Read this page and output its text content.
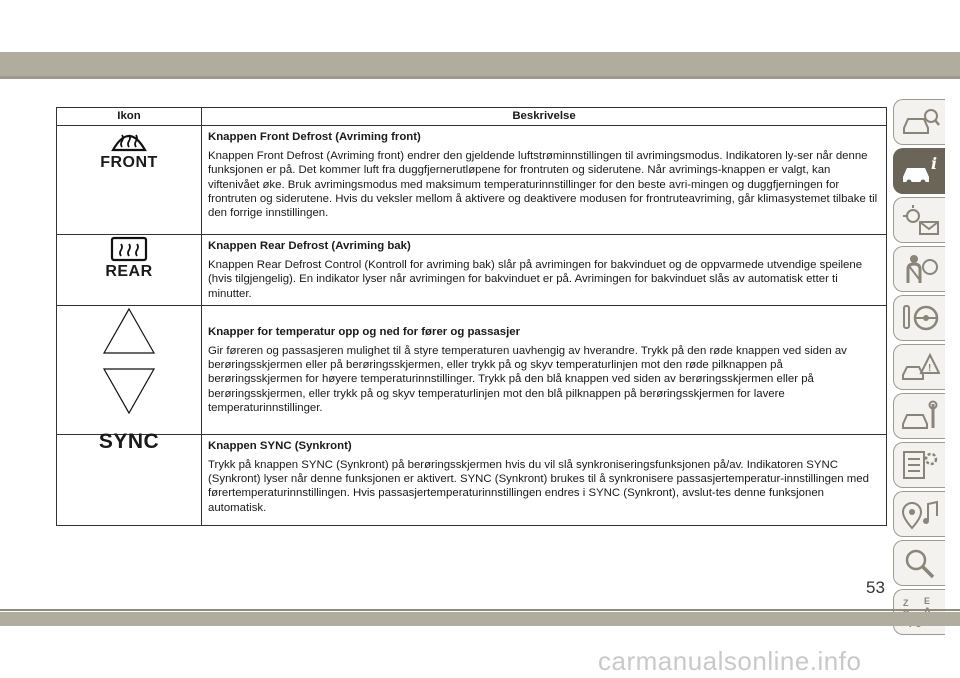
Ikon	Beskrivelse

FRONT	Knappen Front Defrost (Avriming front)

Knappen Front Defrost (Avriming front) endrer den gjeldende luftstrøminnstillingen til avrimingsmodus. Indikatoren ly-ser når denne funksjonen er på. Det kommer luft fra duggfjernerutløpene for frontruten og siderutene. Når avrimings-knappen er valgt, kan viftenivået øke. Bruk avrimingsmodus med maksimum temperaturinnstillinger for den beste avri-mingen og duggfjerningen for frontruten og siderutene. Hvis du veksler mellom å aktivere og deaktivere modusen for frontruteavriming, går klimasystemet tilbake til den forrige innstillingen.

REAR	Knappen Rear Defrost (Avriming bak)

Knappen Rear Defrost Control (Kontroll for avriming bak) slår på avrimingen for bakvinduet og de oppvarmede utvendige speilene (hvis tilgjengelig). En indikator lyser når avrimingen for bakvinduet er på. Avrimingen for bakvinduet slås av automatisk etter ti minutter.

Knapper for temperatur opp og ned for fører og passasjer

Gir føreren og passasjeren mulighet til å styre temperaturen uavhengig av hverandre. Trykk på den røde knappen ved siden av berøringsskjermen eller på berøringsskjermen, eller trykk på og skyv temperaturlinjen mot den røde pilknappen på berøringsskjermen for høyere temperaturinnstillinger. Trykk på den blå knappen ved siden av berøringsskjermen eller på berøringsskjermen, eller trykk på og skyv temperaturlinjen mot den blå pilknappen på berøringsskjermen for lavere temperaturinnstillinger.

SYNC	Knappen SYNC (Synkront)

Trykk på knappen SYNC (Synkront) på berøringsskjermen hvis du vil slå synkroniseringsfunksjonen på/av. Indikatoren SYNC (Synkront) lyser når denne funksjonen er aktivert. SYNC (Synkront) brukes til å synkronisere passasjertemperatur-innstillingen med førertemperaturinnstillingen. Hvis passasjertemperaturinnstillingen endres i SYNC (Synkront), avslut-tes denne funksjonen automatisk.

i
!
Z E
53
carmanualsonline.info
